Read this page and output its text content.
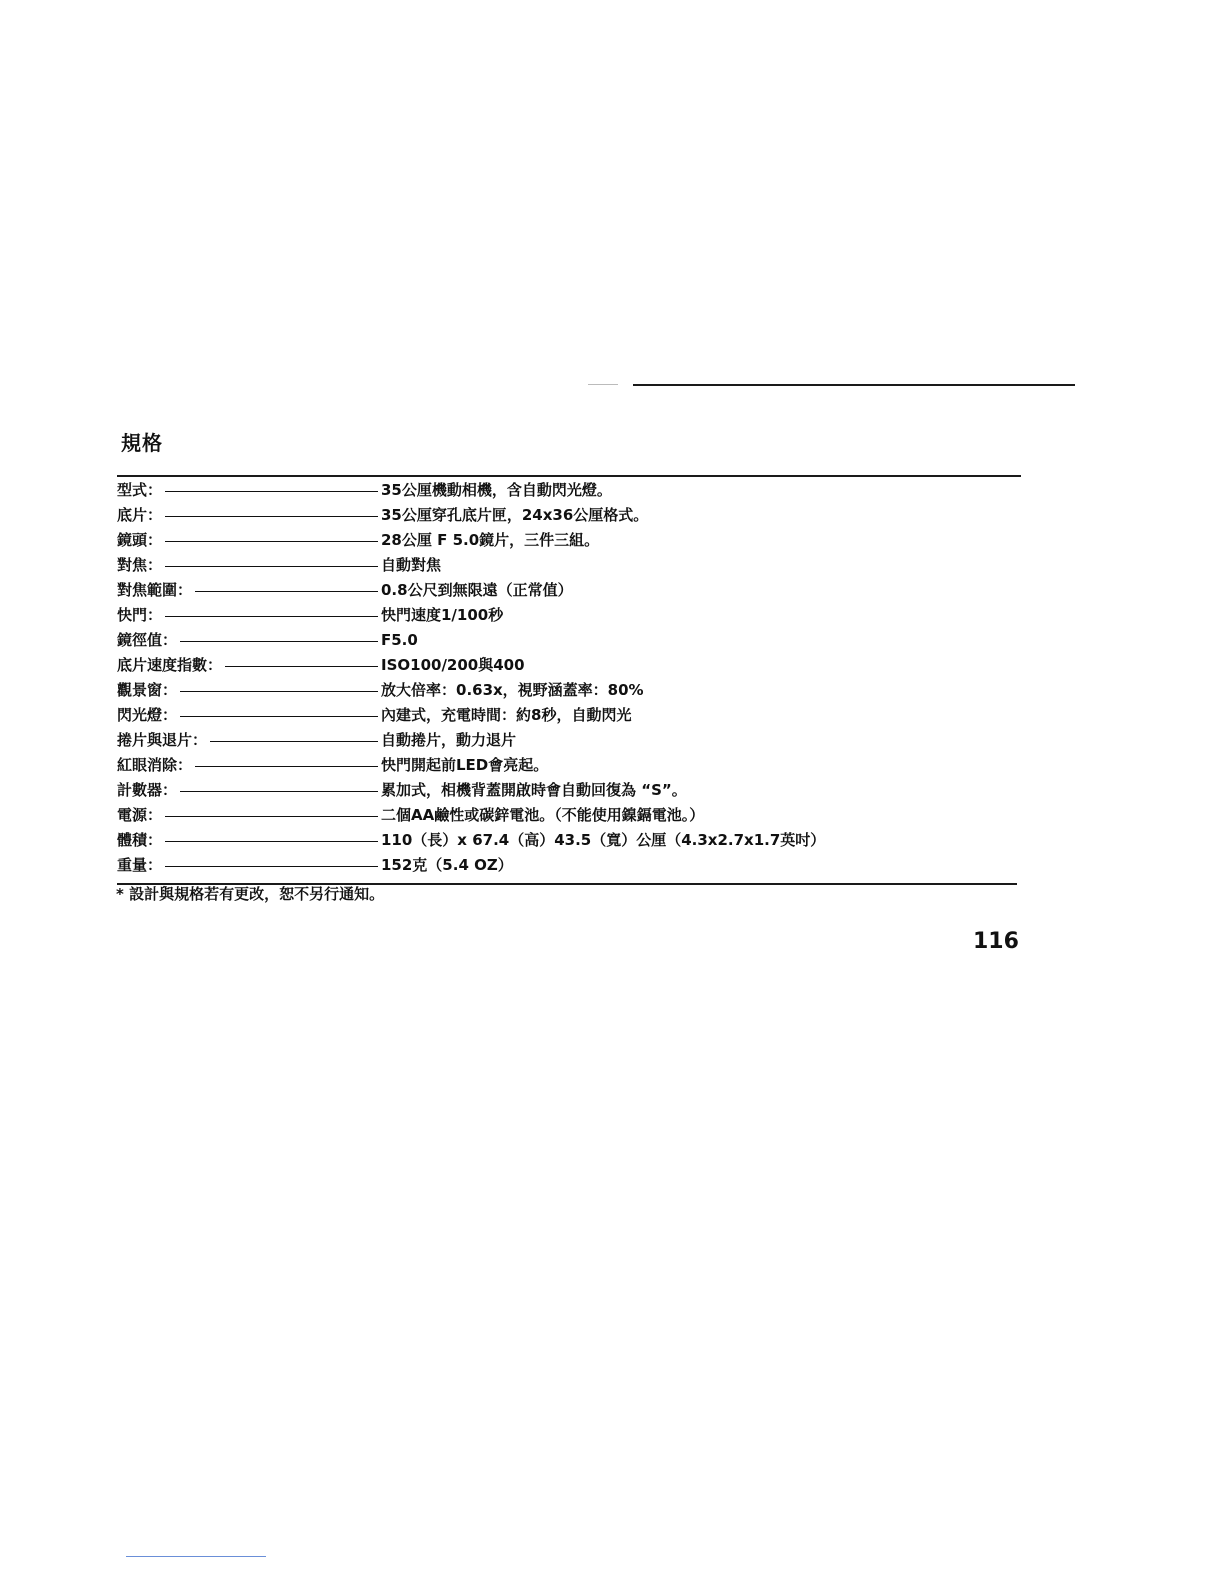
規格
型式：	35公厘機動相機，含自動閃光燈。
底片：	35公厘穿孔底片匣，24x36公厘格式。
鏡頭：	28公厘 F 5.0鏡片，三件三組。
對焦：	自動對焦
對焦範圍：	0.8公尺到無限遠（正常值）
快門：	快門速度1/100秒
鏡徑值：	F5.0
底片速度指數：	ISO100/200與400
觀景窗：	放大倍率：0.63x，視野涵蓋率：80%
閃光燈：	內建式，充電時間：約8秒，自動閃光
捲片與退片：	自動捲片，動力退片
紅眼消除：	快門開起前LED會亮起。
計數器：	累加式，相機背蓋開啟時會自動回復為 “S”。
電源：	二個AA鹼性或碳鋅電池。（不能使用鎳鎘電池。）
體積：	110（長）x 67.4（高）43.5（寬）公厘（4.3x2.7x1.7英吋）
重量：	152克（5.4 OZ）
* 設計與規格若有更改，恕不另行通知。
116
